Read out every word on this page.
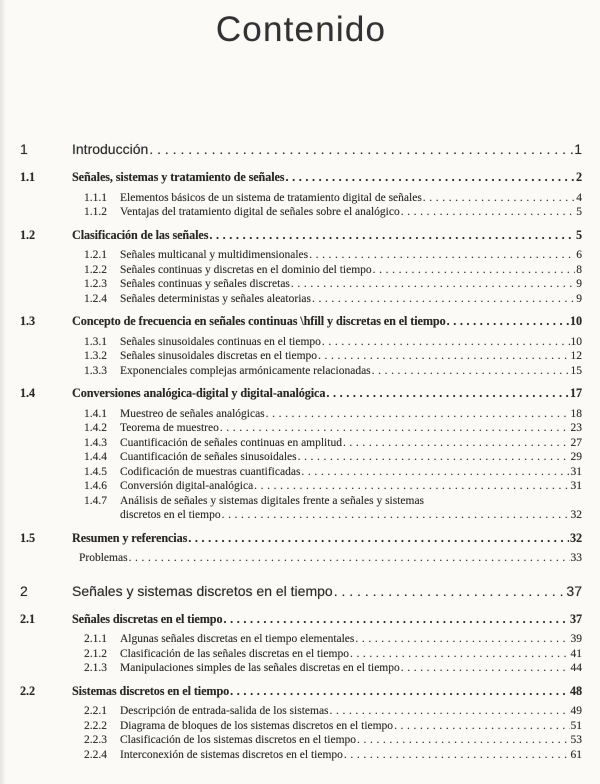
Contenido
1	Introducción .....	1
1.1	Señales, sistemas y tratamiento de señales .....	2
1.1.1	Elementos básicos de un sistema de tratamiento digital de señales .....	4
1.1.2	Ventajas del tratamiento digital de señales sobre el analógico .....	5
1.2	Clasificación de las señales .....	5
1.2.1	Señales multicanal y multidimensionales .....	6
1.2.2	Señales continuas y discretas en el dominio del tiempo .....	8
1.2.3	Señales continuas y señales discretas .....	9
1.2.4	Señales deterministas y señales aleatorias .....	9
1.3	Concepto de frecuencia en señales continuas \hfill y discretas en el tiempo .....	10
1.3.1	Señales sinusoidales continuas en el tiempo .....	10
1.3.2	Señales sinusoidales discretas en el tiempo .....	12
1.3.3	Exponenciales complejas armónicamente relacionadas .....	15
1.4	Conversiones analógica-digital y digital-analógica .....	17
1.4.1	Muestreo de señales analógicas .....	18
1.4.2	Teorema de muestreo .....	23
1.4.3	Cuantificación de señales continuas en amplitud .....	27
1.4.4	Cuantificación de señales sinusoidales .....	29
1.4.5	Codificación de muestras cuantificadas .....	31
1.4.6	Conversión digital-analógica .....	31
1.4.7	Análisis de señales y sistemas digitales frente a señales y sistemas
discretos en el tiempo .....	32
1.5	Resumen y referencias .....	32
Problemas .....	33
2	Señales y sistemas discretos en el tiempo .....	37
2.1	Señales discretas en el tiempo .....	37
2.1.1	Algunas señales discretas en el tiempo elementales .....	39
2.1.2	Clasificación de las señales discretas en el tiempo .....	41
2.1.3	Manipulaciones simples de las señales discretas en el tiempo .....	44
2.2	Sistemas discretos en el tiempo .....	48
2.2.1	Descripción de entrada-salida de los sistemas .....	49
2.2.2	Diagrama de bloques de los sistemas discretos en el tiempo .....	51
2.2.3	Clasificación de los sistemas discretos en el tiempo .....	53
2.2.4	Interconexión de sistemas discretos en el tiempo .....	61
